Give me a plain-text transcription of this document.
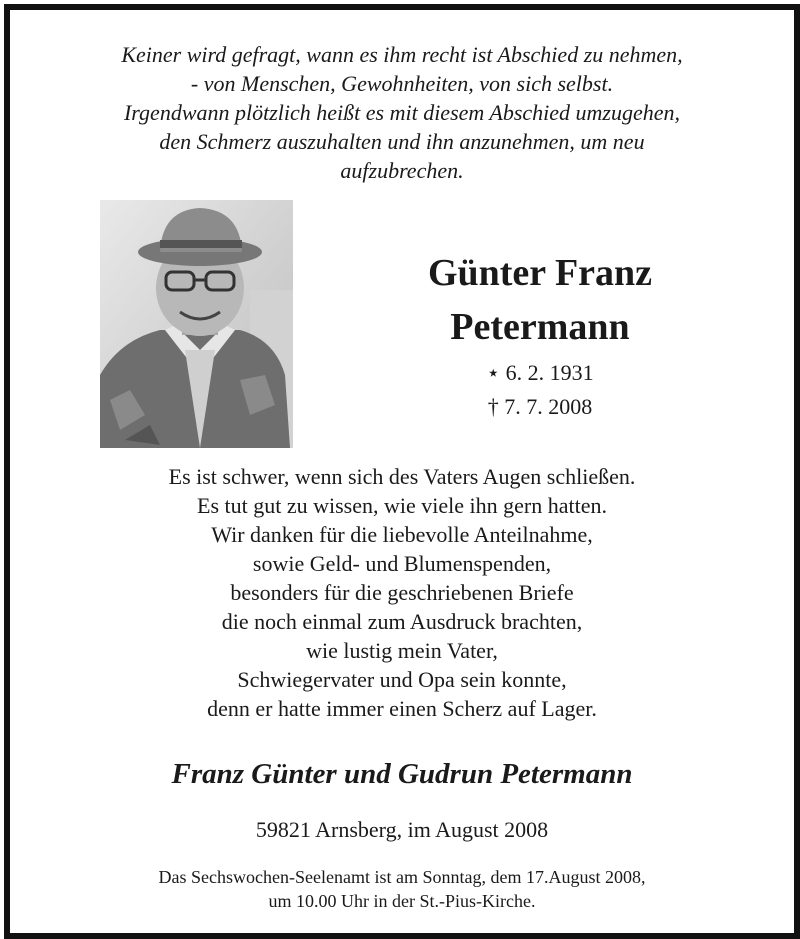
Keiner wird gefragt, wann es ihm recht ist Abschied zu nehmen,
- von Menschen, Gewohnheiten, von sich selbst.
Irgendwann plötzlich heißt es mit diesem Abschied umzugehen,
den Schmerz auszuhalten und ihn anzunehmen, um neu
aufzubrechen.
Günter Franz
Petermann
⋆ 6. 2. 1931
† 7. 7. 2008
Es ist schwer, wenn sich des Vaters Augen schließen.
Es tut gut zu wissen, wie viele ihn gern hatten.
Wir danken für die liebevolle Anteilnahme,
sowie Geld- und Blumenspenden,
besonders für die geschriebenen Briefe
die noch einmal zum Ausdruck brachten,
wie lustig mein Vater,
Schwiegervater und Opa sein konnte,
denn er hatte immer einen Scherz auf Lager.
Franz Günter und Gudrun Petermann
59821 Arnsberg, im August 2008
Das Sechswochen-Seelenamt ist am Sonntag, dem 17.August 2008,
um 10.00 Uhr in der St.-Pius-Kirche.
